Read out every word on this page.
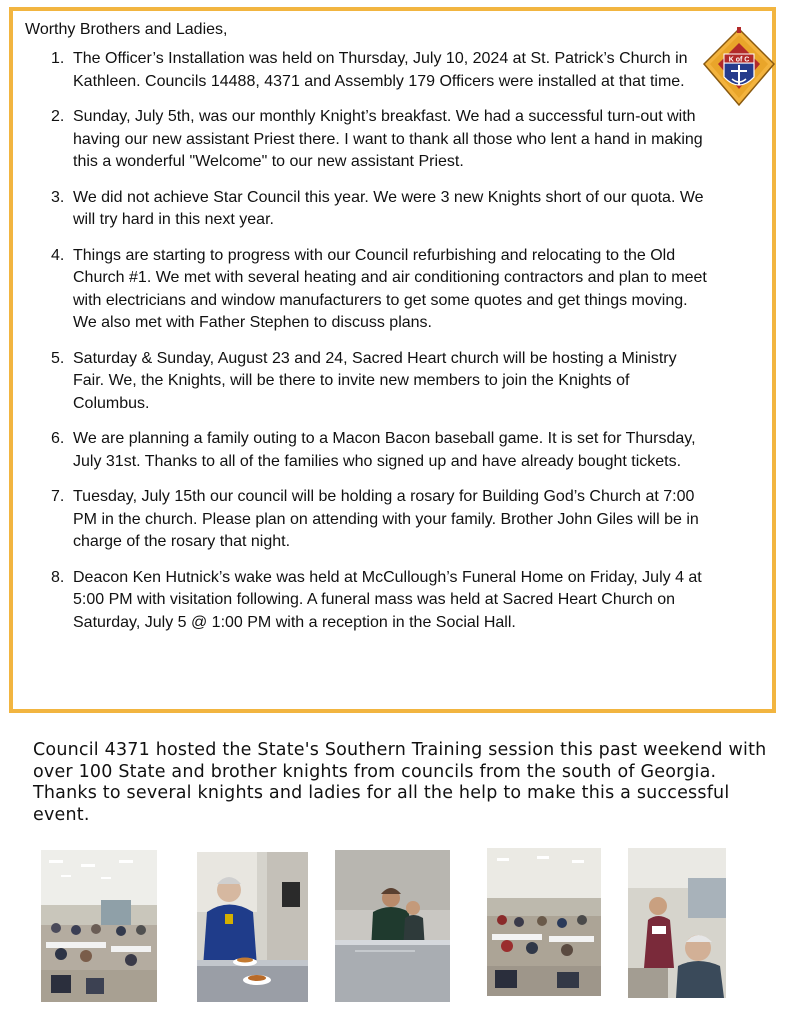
Worthy Brothers and Ladies,
K of C
1. The Officer’s Installation was held on Thursday, July 10, 2024 at St. Patrick’s Church in Kathleen. Councils 14488, 4371 and Assembly 179 Officers were installed at that time.
2. Sunday, July 5th, was our monthly Knight’s breakfast. We had a successful turn-out with having our new assistant Priest there. I want to thank all those who lent a hand in making this a wonderful "Welcome" to our new assistant Priest.
3. We did not achieve Star Council this year. We were 3 new Knights short of our quota. We will try hard in this next year.
4. Things are starting to progress with our Council refurbishing and relocating to the Old Church #1. We met with several heating and air conditioning contractors and plan to meet with electricians and window manufacturers to get some quotes and get things moving. We also met with Father Stephen to discuss plans.
5. Saturday & Sunday, August 23 and 24, Sacred Heart church will be hosting a Ministry Fair. We, the Knights, will be there to invite new members to join the Knights of Columbus.
6. We are planning a family outing to a Macon Bacon baseball game. It is set for Thursday, July 31st. Thanks to all of the families who signed up and have already bought tickets.
7. Tuesday, July 15th our council will be holding a rosary for Building God’s Church at 7:00 PM in the church. Please plan on attending with your family. Brother John Giles will be in charge of the rosary that night.
8. Deacon Ken Hutnick’s wake was held at McCullough’s Funeral Home on Friday, July 4 at 5:00 PM with visitation following. A funeral mass was held at Sacred Heart Church on Saturday, July 5 @ 1:00 PM with a reception in the Social Hall.
Council 4371 hosted the State's Southern Training session this past weekend with over 100 State and brother knights from councils from the south of Georgia. Thanks to several knights and ladies for all the help to make this a successful event.
